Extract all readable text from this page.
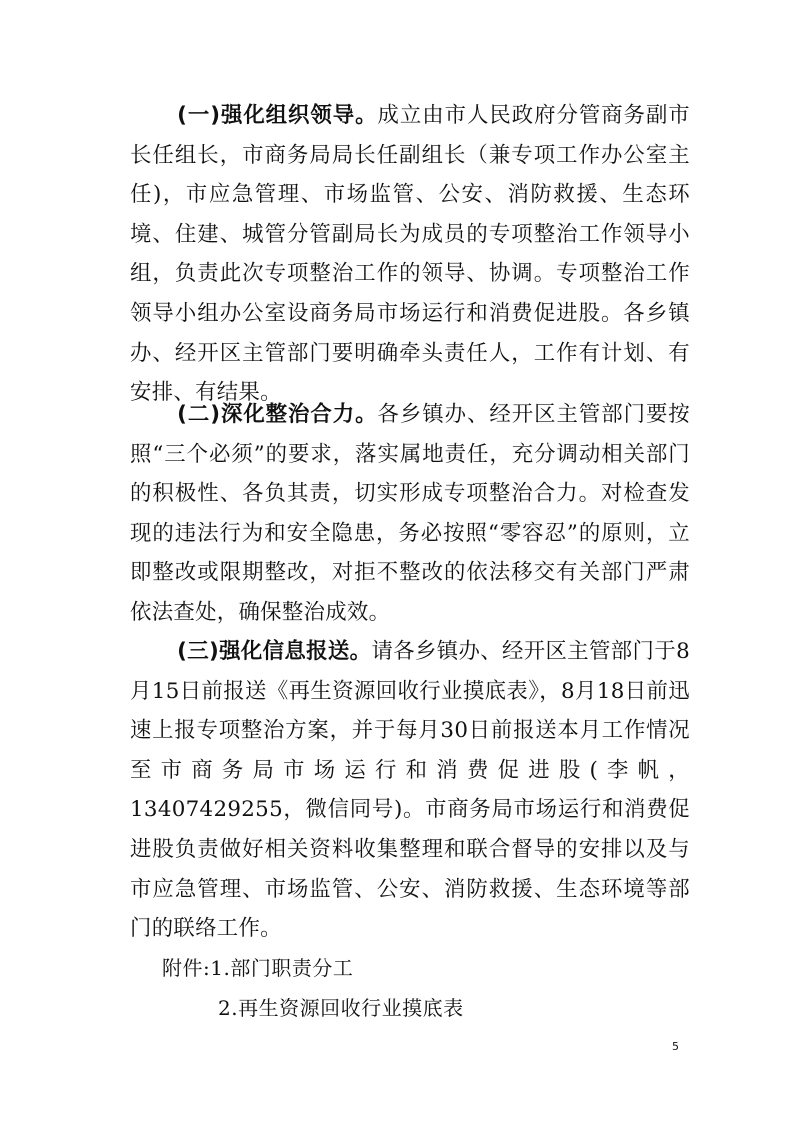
(一)强化组织领导。成立由市人民政府分管商务副市长任组长，市商务局局长任副组长（兼专项工作办公室主任)，市应急管理、市场监管、公安、消防救援、生态环境、住建、城管分管副局长为成员的专项整治工作领导小组，负责此次专项整治工作的领导、协调。专项整治工作领导小组办公室设商务局市场运行和消费促进股。各乡镇办、经开区主管部门要明确牵头责任人，工作有计划、有安排、有结果。

(二)深化整治合力。各乡镇办、经开区主管部门要按照“三个必须”的要求，落实属地责任，充分调动相关部门的积极性、各负其责，切实形成专项整治合力。对检查发现的违法行为和安全隐患，务必按照“零容忍”的原则，立即整改或限期整改，对拒不整改的依法移交有关部门严肃依法查处，确保整治成效。

(三)强化信息报送。请各乡镇办、经开区主管部门于8月15日前报送《再生资源回收行业摸底表》，8月18日前迅速上报专项整治方案，并于每月30日前报送本月工作情况至市商务局市场运行和消费促进股(李帆，13407429255，微信同号)。市商务局市场运行和消费促进股负责做好相关资料收集整理和联合督导的安排以及与市应急管理、市场监管、公安、消防救援、生态环境等部门的联络工作。

附件:1.部门职责分工

2.再生资源回收行业摸底表

5
